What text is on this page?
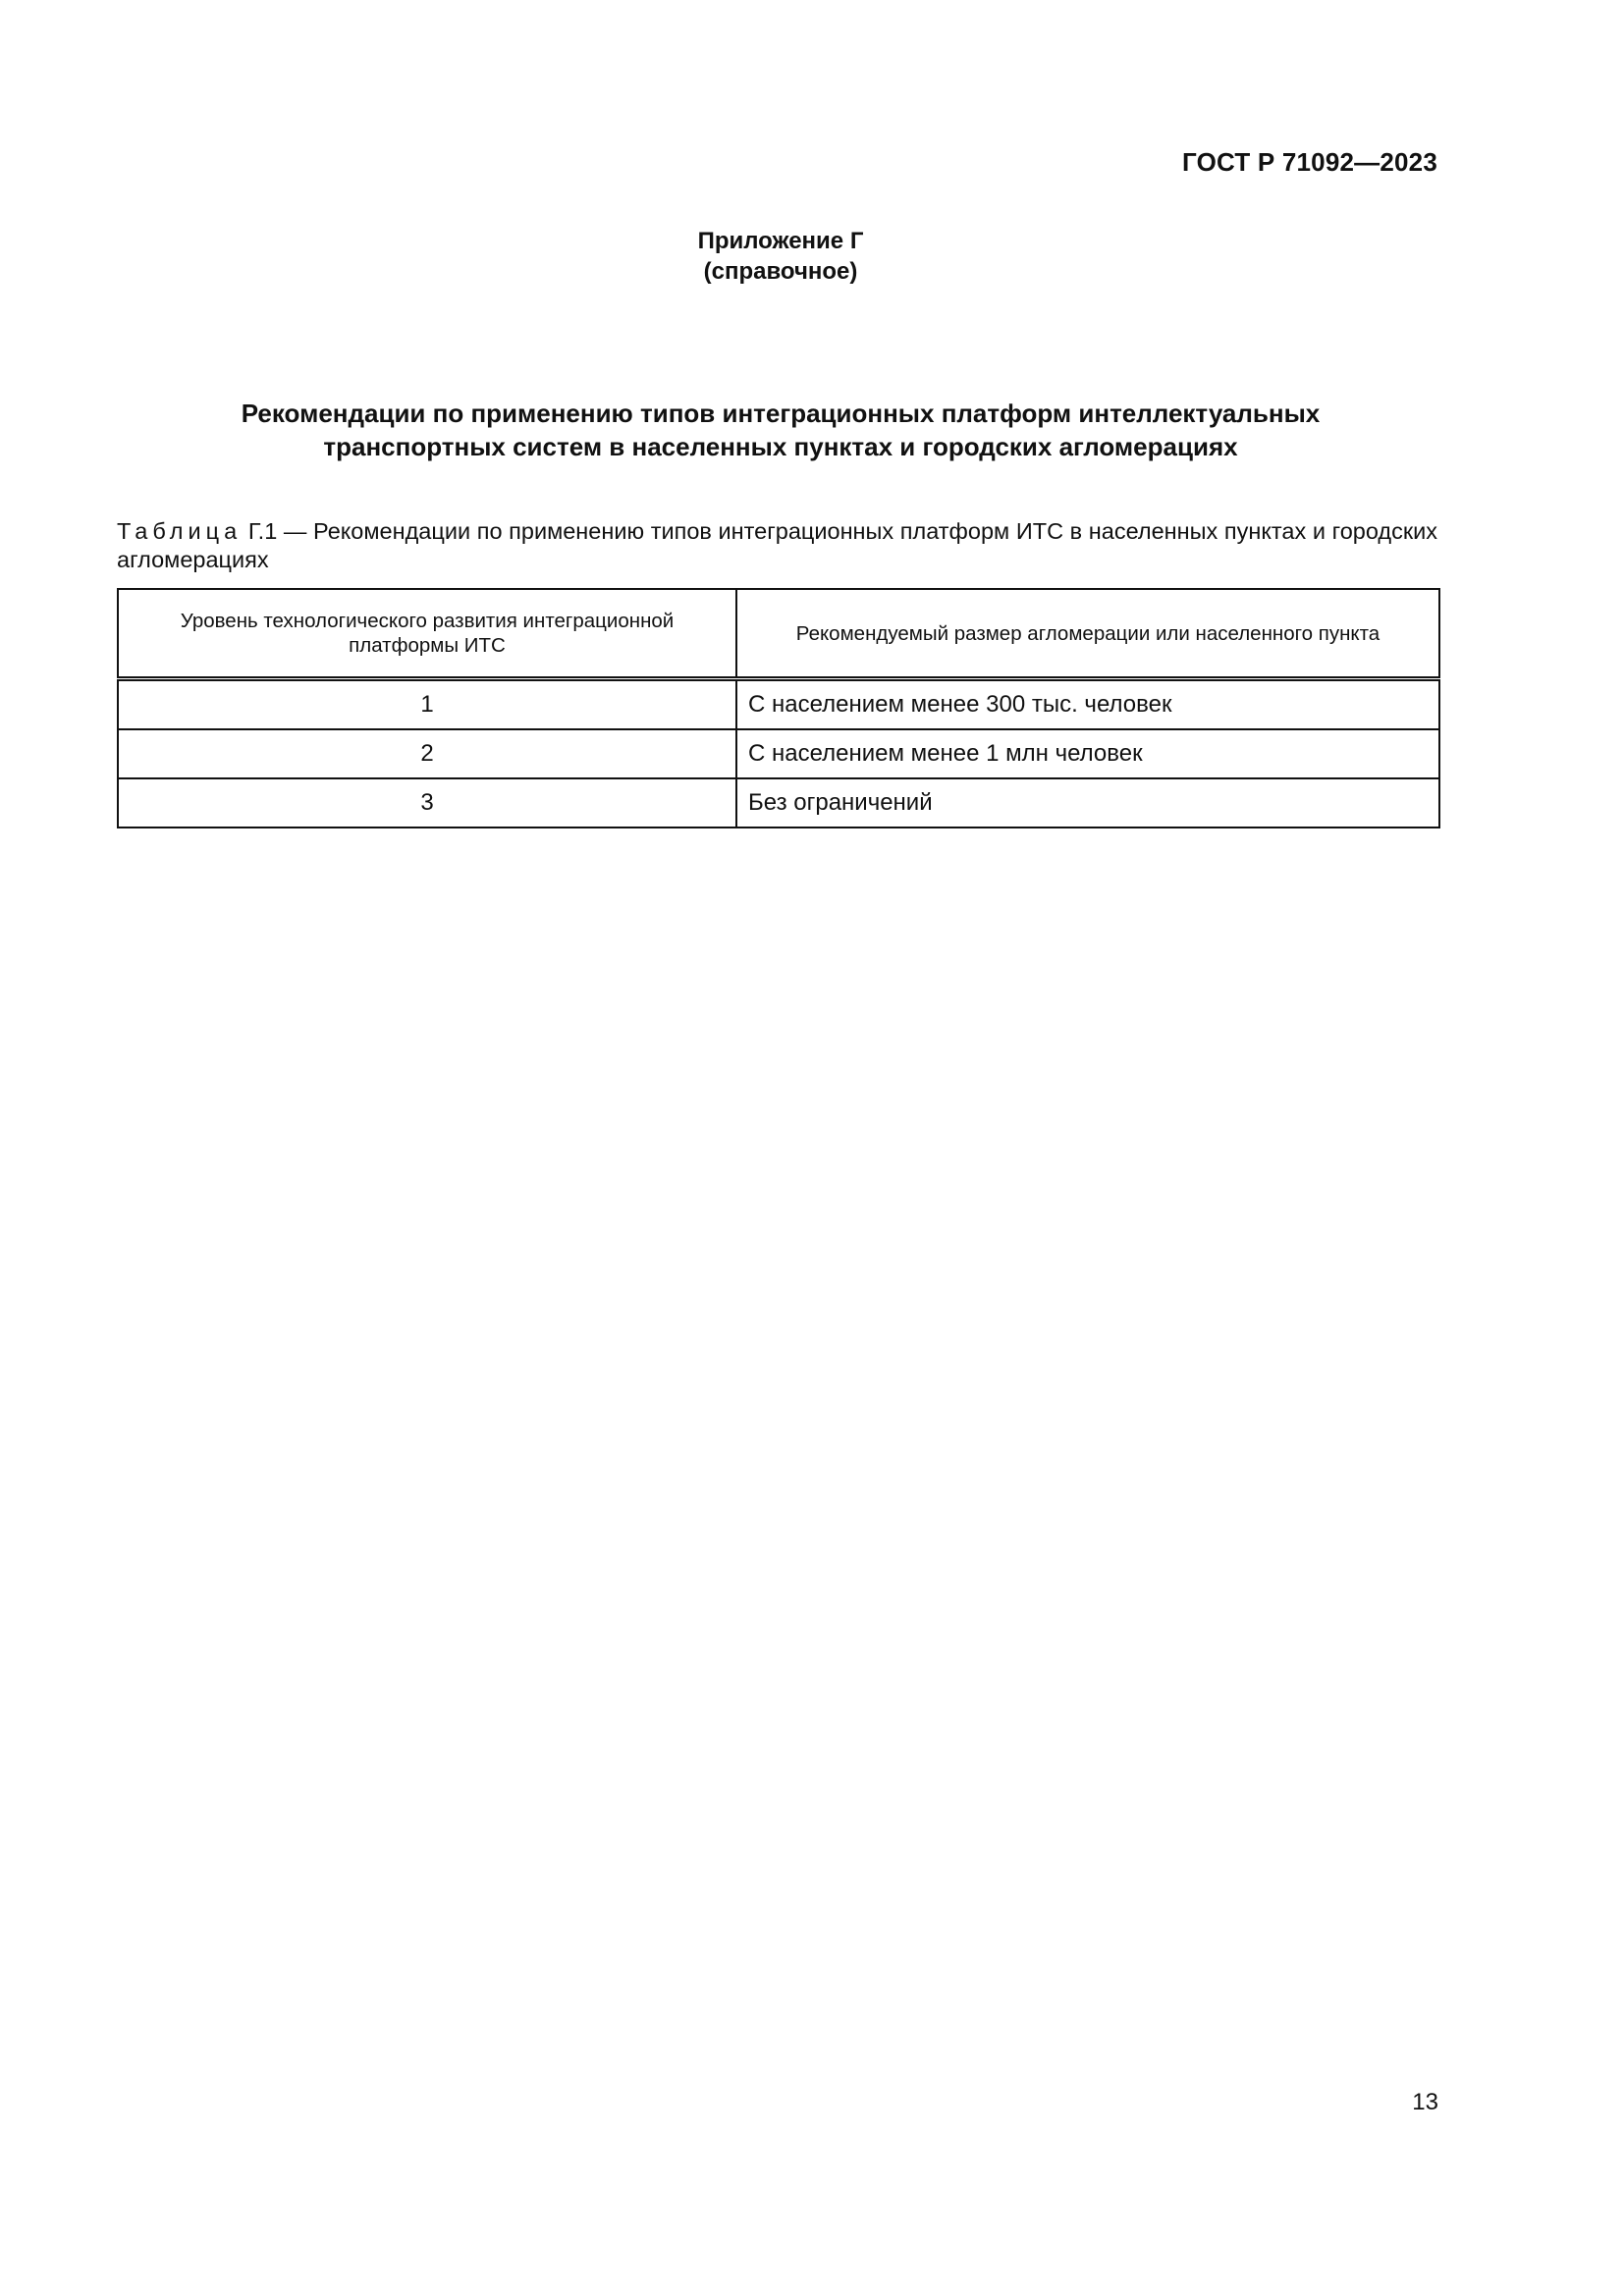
ГОСТ Р 71092—2023
Приложение Г
(справочное)
Рекомендации по применению типов интеграционных платформ интеллектуальных
транспортных систем в населенных пунктах и городских агломерациях
Таблица Г.1 — Рекомендации по применению типов интеграционных платформ ИТС в населенных пунктах и городских агломерациях
Уровень технологического развития интеграционной платформы ИТС	Рекомендуемый размер агломерации или населенного пункта
1	С населением менее 300 тыс. человек
2	С населением менее 1 млн человек
3	Без ограничений
13
